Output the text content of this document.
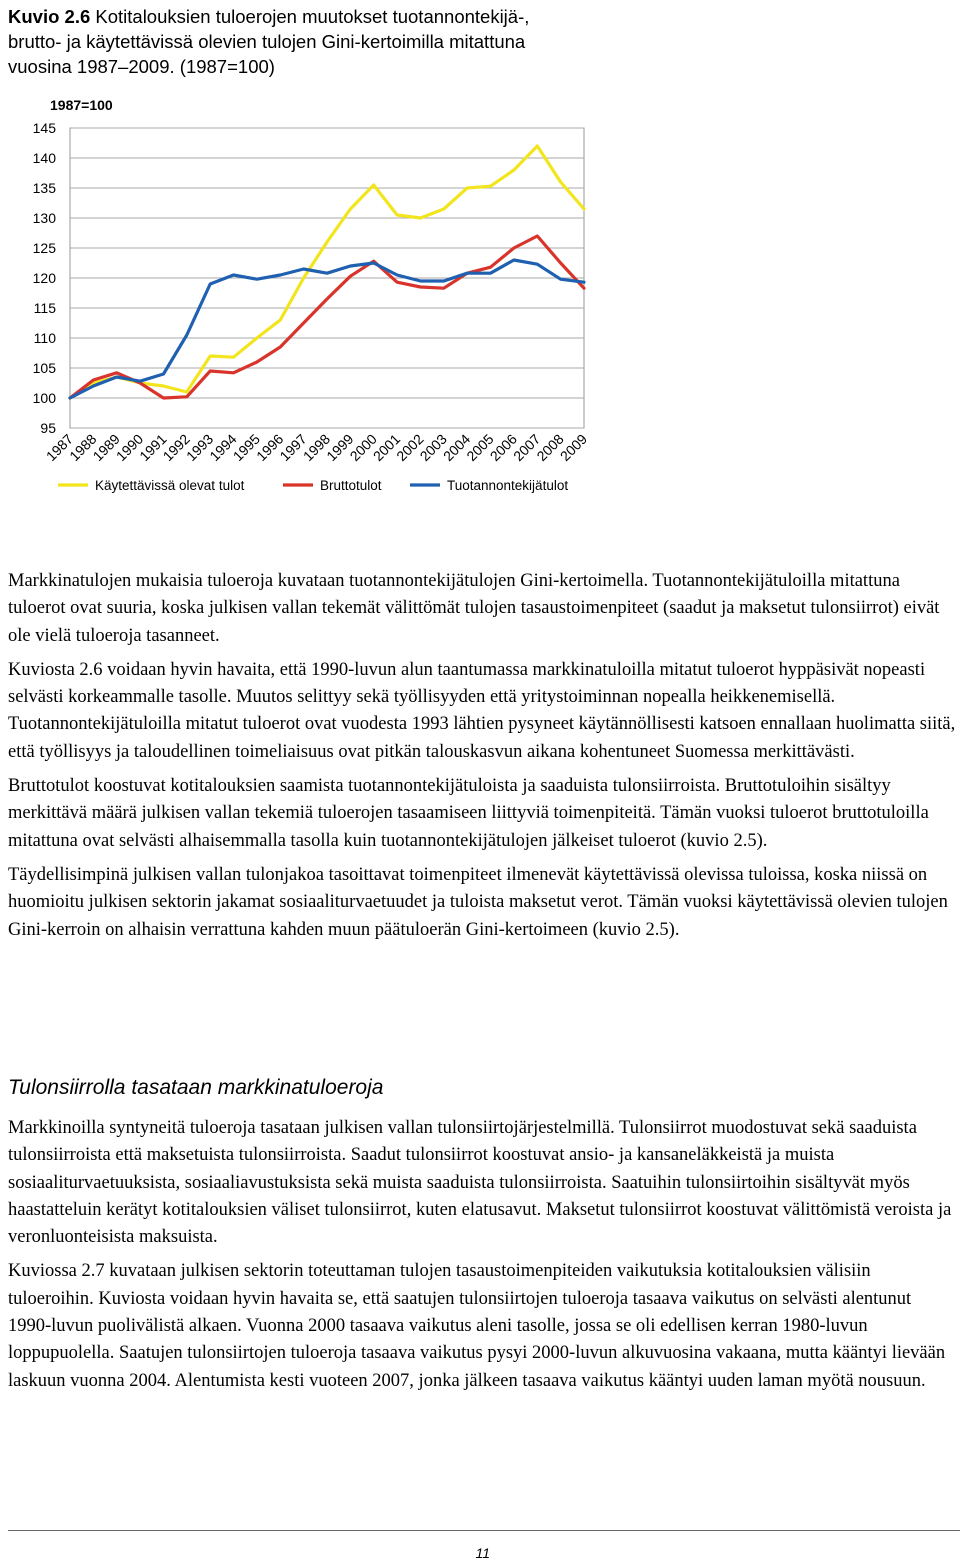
Kuvio 2.6 Kotitalouksien tuloerojen muutokset tuotannontekijä-,
brutto- ja käytettävissä olevien tulojen Gini-kertoimilla mitattuna
vuosina 1987–2009. (1987=100)
95
100
105
110
115
120
125
130
135
140
145
1987=100
1987
1988
1989
1990
1991
1992
1993
1994
1995
1996
1997
1998
1999
2000
2001
2002
2003
2004
2005
2006
2007
2008
2009
Käytettävissä olevat tulot	Bruttotulot	Tuotannontekijätulot

Markkinatulojen mukaisia tuloeroja kuvataan tuotannontekijätulojen Gini-kertoimella. Tuotannontekijätuloilla mitattuna tuloerot ovat suuria, koska julkisen vallan tekemät välittömät tulojen tasaustoimenpiteet (saadut ja maksetut tulonsiirrot) eivät ole vielä tuloeroja tasanneet.

Kuviosta 2.6 voidaan hyvin havaita, että 1990-luvun alun taantumassa markkinatuloilla mitatut tuloerot hyppäsivät nopeasti selvästi korkeammalle tasolle. Muutos selittyy sekä työllisyyden että yritystoiminnan nopealla heikkenemisellä. Tuotannontekijätuloilla mitatut tuloerot ovat vuodesta 1993 lähtien pysyneet käytännöllisesti katsoen ennallaan huolimatta siitä, että työllisyys ja taloudellinen toimeliaisuus ovat pitkän talouskasvun aikana kohentuneet Suomessa merkittävästi.

Bruttotulot koostuvat kotitalouksien saamista tuotannontekijätuloista ja saaduista tulonsiirroista. Bruttotuloihin sisältyy merkittävä määrä julkisen vallan tekemiä tuloerojen tasaamiseen liittyviä toimenpiteitä. Tämän vuoksi tuloerot bruttotuloilla mitattuna ovat selvästi alhaisemmalla tasolla kuin tuotannontekijätulojen jälkeiset tuloerot (kuvio 2.5).

Täydellisimpinä julkisen vallan tulonjakoa tasoittavat toimenpiteet ilmenevät käytettävissä olevissa tuloissa, koska niissä on huomioitu julkisen sektorin jakamat sosiaaliturvaetuudet ja tuloista maksetut verot. Tämän vuoksi käytettävissä olevien tulojen Gini-kerroin on alhaisin verrattuna kahden muun päätuloerän Gini-kertoimeen (kuvio 2.5).

Tulonsiirrolla tasataan markkinatuloeroja

Markkinoilla syntyneitä tuloeroja tasataan julkisen vallan tulonsiirtojärjestelmillä. Tulonsiirrot muodostuvat sekä saaduista tulonsiirroista että maksetuista tulonsiirroista. Saadut tulonsiirrot koostuvat ansio- ja kansaneläkkeistä ja muista sosiaaliturvaetuuksista, sosiaaliavustuksista sekä muista saaduista tulonsiirroista. Saatuihin tulonsiirtoihin sisältyvät myös haastatteluin kerätyt kotitalouksien väliset tulonsiirrot, kuten elatusavut. Maksetut tulonsiirrot koostuvat välittömistä veroista ja veronluonteisista maksuista.

Kuviossa 2.7 kuvataan julkisen sektorin toteuttaman tulojen tasaustoimenpiteiden vaikutuksia kotitalouksien välisiin tuloeroihin. Kuviosta voidaan hyvin havaita se, että saatujen tulonsiirtojen tuloeroja tasaava vaikutus on selvästi alentunut 1990-luvun puolivälistä alkaen. Vuonna 2000 tasaava vaikutus aleni tasolle, jossa se oli edellisen kerran 1980-luvun loppupuolella. Saatujen tulonsiirtojen tuloeroja tasaava vaikutus pysyi 2000-luvun alkuvuosina vakaana, mutta kääntyi lievään laskuun vuonna 2004. Alentumista kesti vuoteen 2007, jonka jälkeen tasaava vaikutus kääntyi uuden laman myötä nousuun.

11
